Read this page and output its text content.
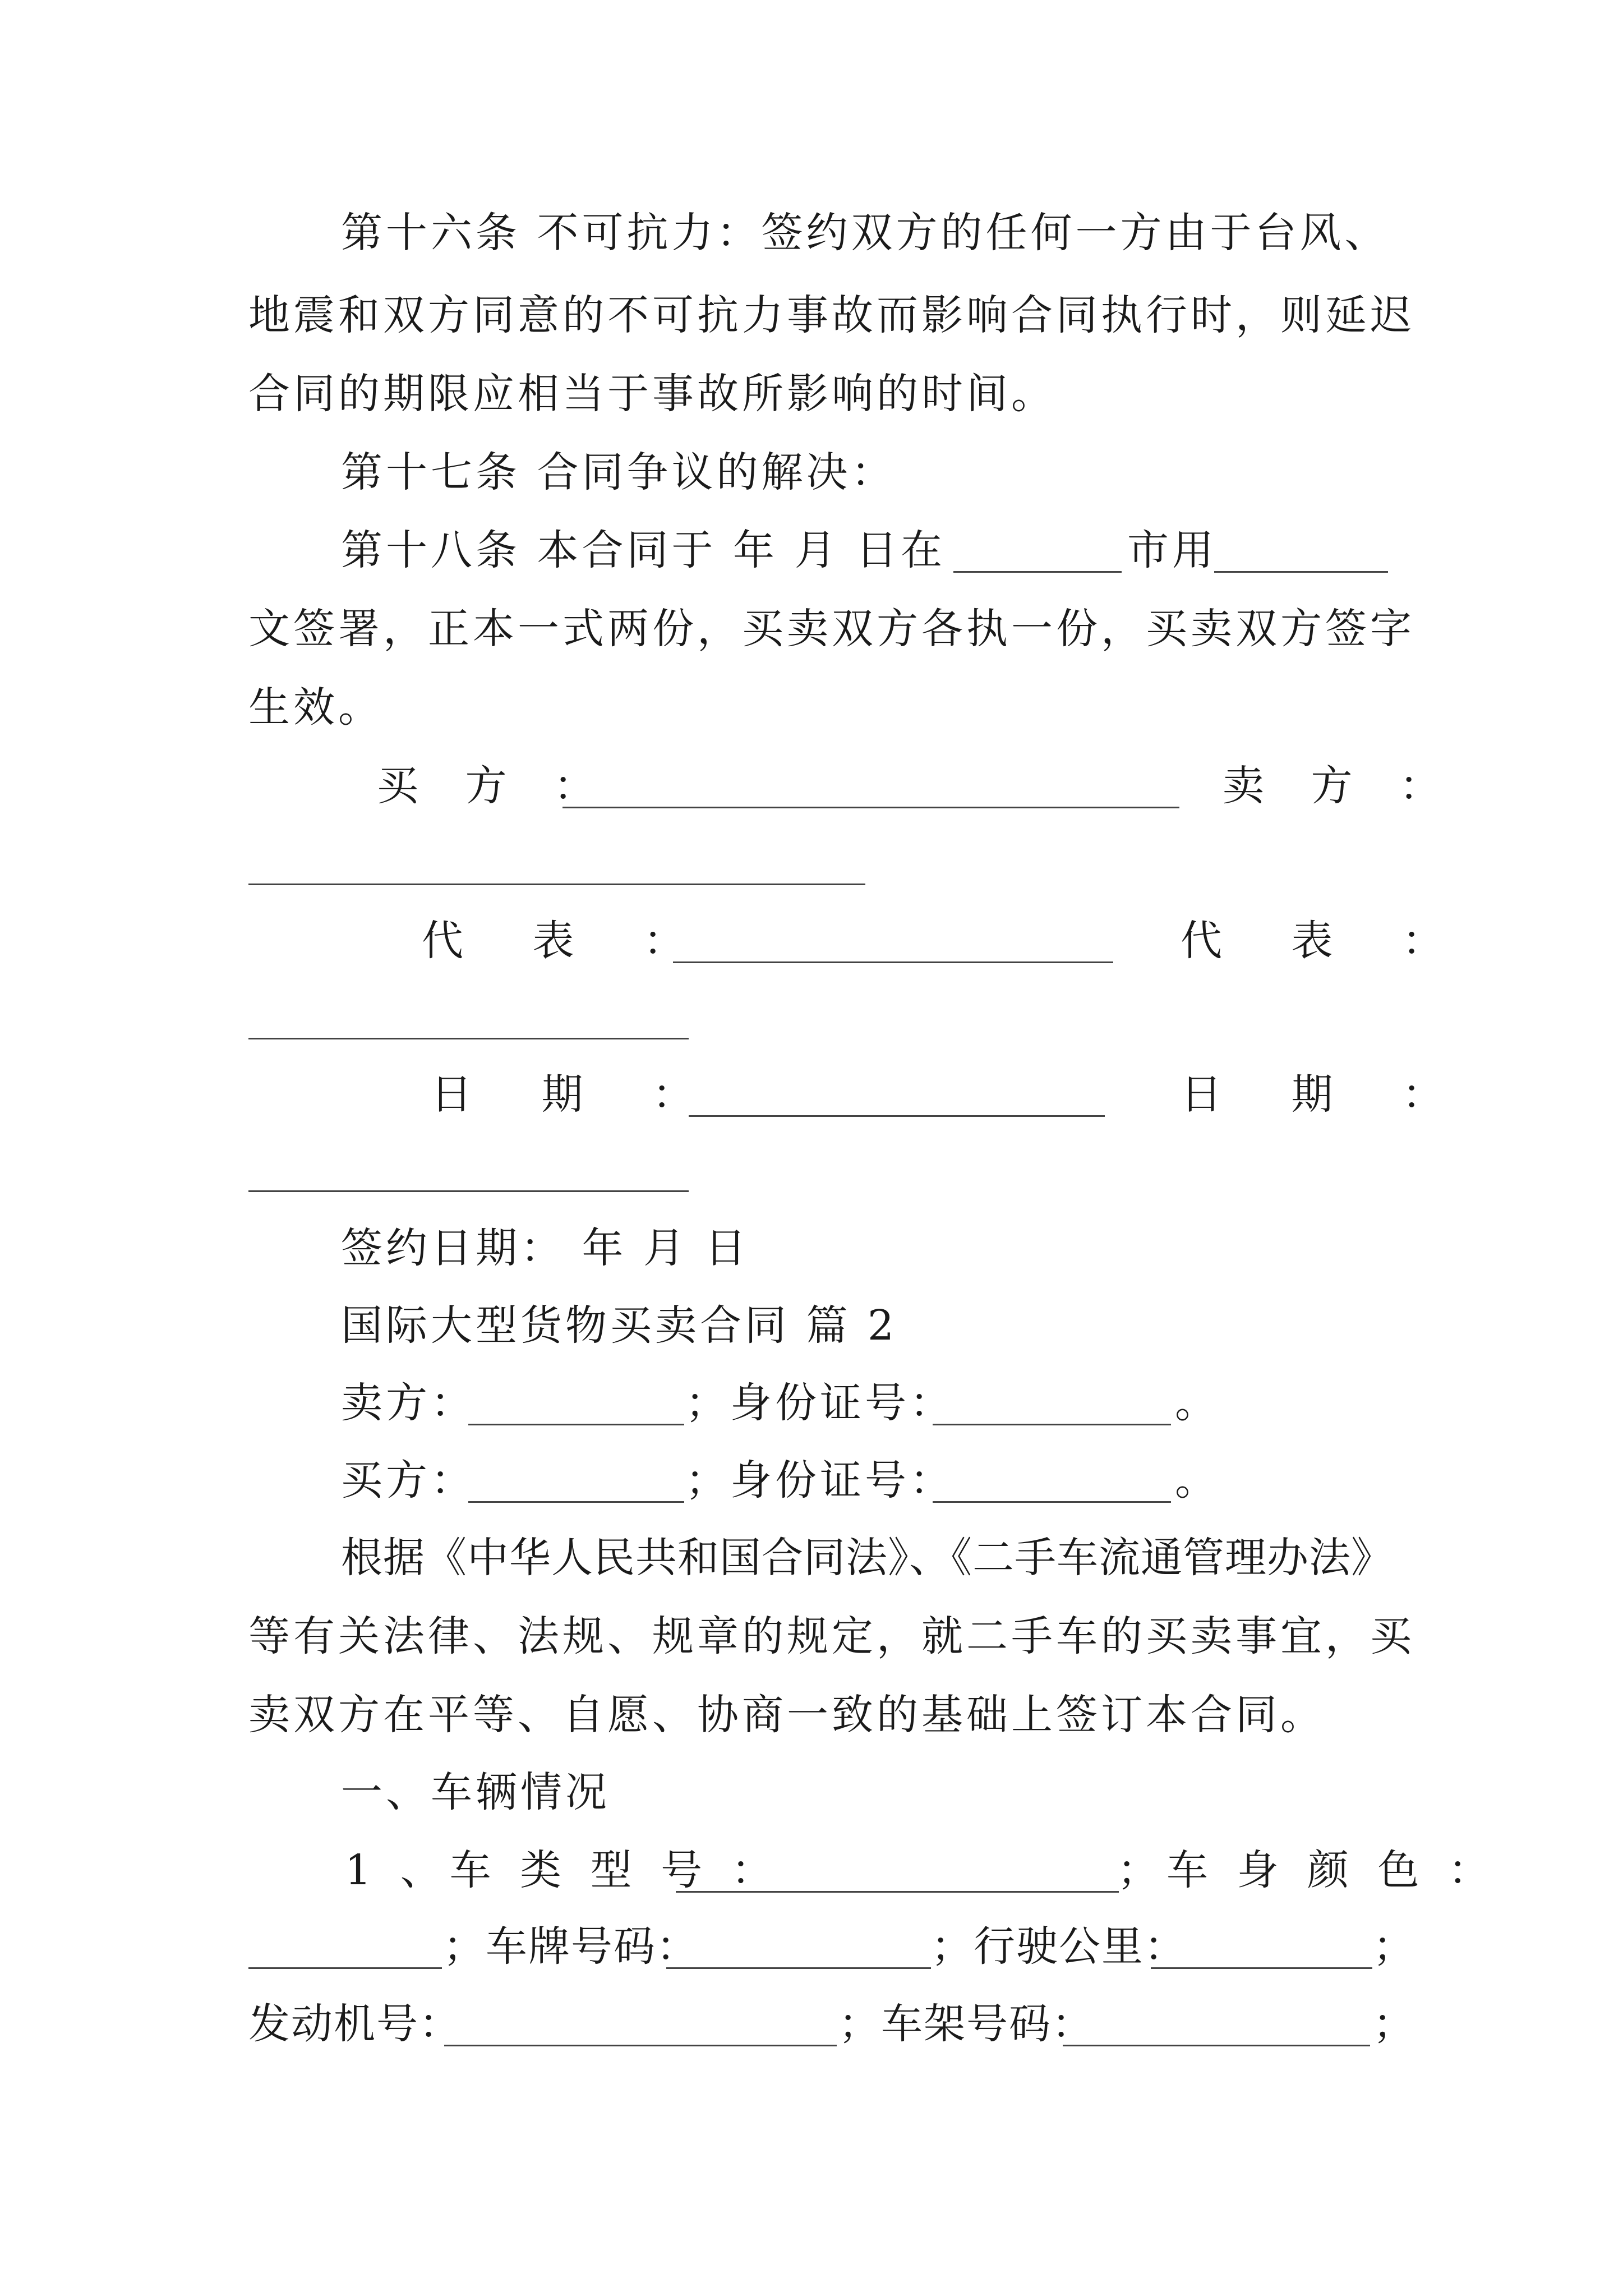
第十六条 不可抗力：签约双方的任何一方由于台风、
地震和双方同意的不可抗力事故而影响合同执行时，则延迟
合同的期限应相当于事故所影响的时间。
第十七条 合同争议的解决：
第十八条 本合同于 年 月 日在	市用
文签署，正本一式两份，买卖双方各执一份，买卖双方签字
生效。
买 方 ：	卖 方 ：
代 表 ：	代 表 ：
日 期 ：	日 期 ：
签约日期： 年 月 日
国际大型货物买卖合同 篇 2
卖方：	；身份证号：	。
买方：	；身份证号：	。
根据《中华人民共和国合同法》、《二手车流通管理办法》
等有关法律、法规、规章的规定，就二手车的买卖事宜，买
卖双方在平等、自愿、协商一致的基础上签订本合同。
一、车辆情况
1 、车 类 型 号 ：	；车 身 颜 色 ：
；车牌号码：	；行驶公里：	；
发动机号：	；车架号码：	；
